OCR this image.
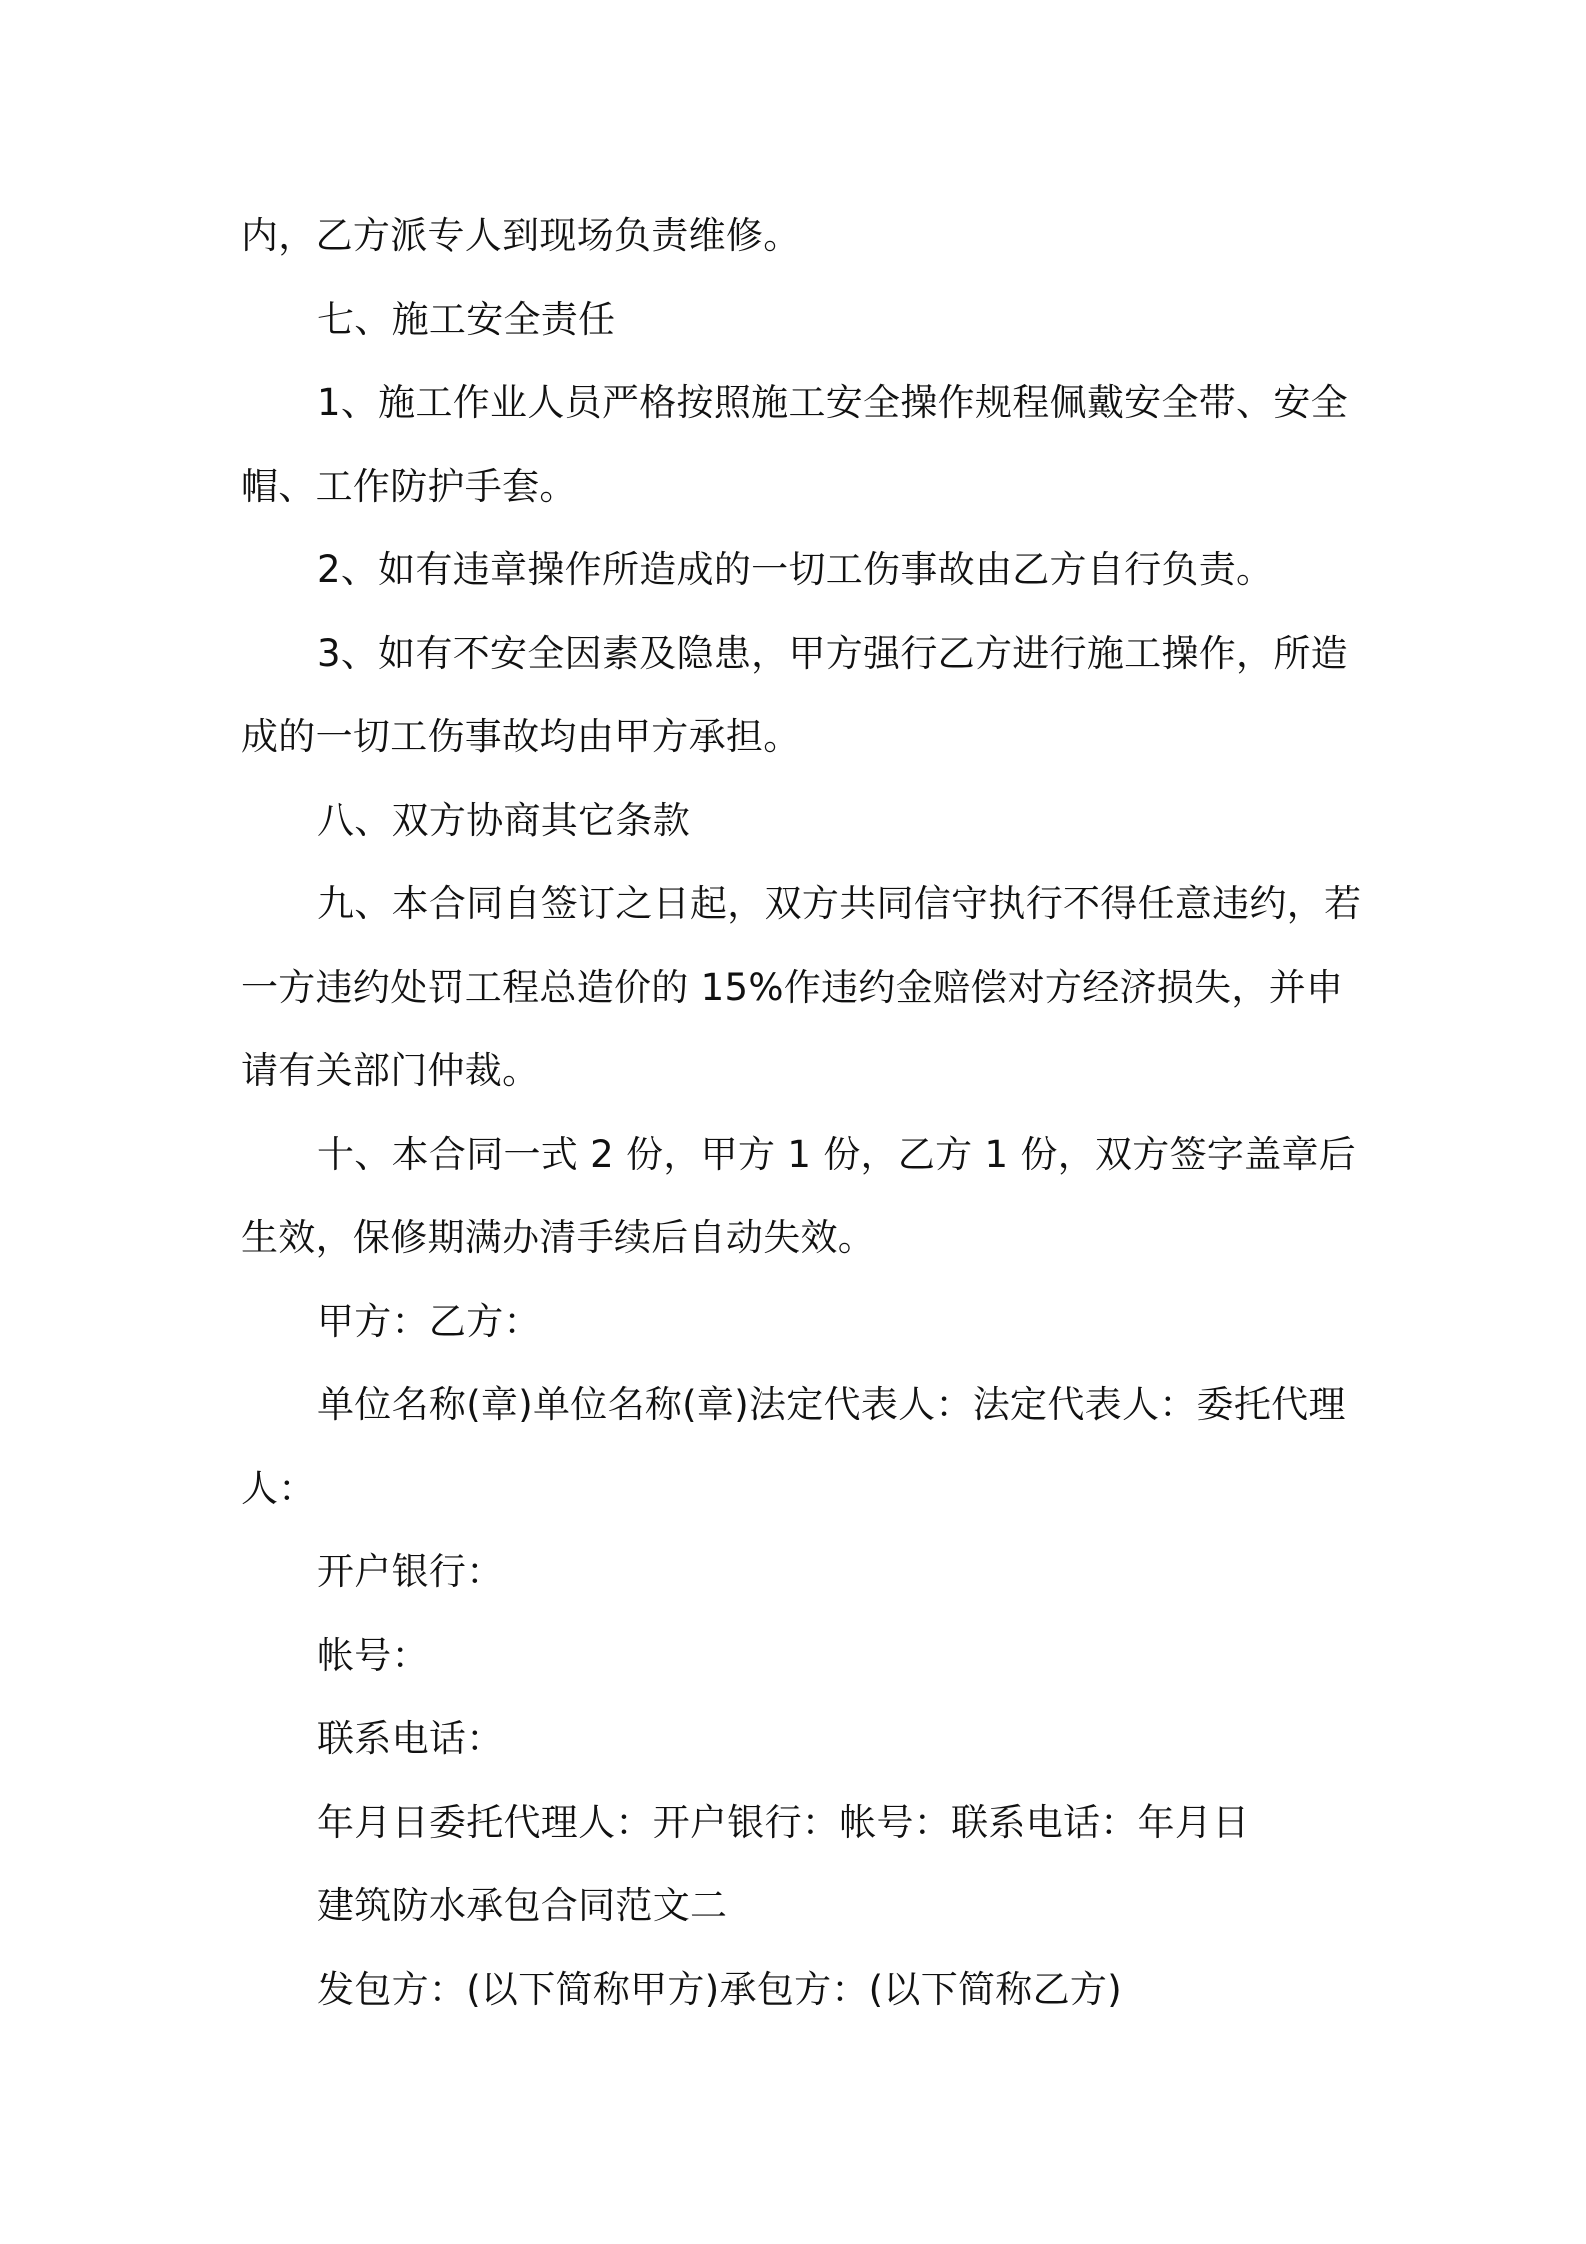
内，乙方派专人到现场负责维修。
七、施工安全责任
1、施工作业人员严格按照施工安全操作规程佩戴安全带、安全
帽、工作防护手套。
2、如有违章操作所造成的一切工伤事故由乙方自行负责。
3、如有不安全因素及隐患，甲方强行乙方进行施工操作，所造
成的一切工伤事故均由甲方承担。
八、双方协商其它条款
九、本合同自签订之日起，双方共同信守执行不得任意违约，若
一方违约处罚工程总造价的 15%作违约金赔偿对方经济损失，并申
请有关部门仲裁。
十、本合同一式 2 份，甲方 1 份，乙方 1 份，双方签字盖章后
生效，保修期满办清手续后自动失效。
甲方：乙方：
单位名称(章)单位名称(章)法定代表人：法定代表人：委托代理
人：
开户银行：
帐号：
联系电话：
年月日委托代理人：开户银行：帐号：联系电话：年月日
建筑防水承包合同范文二
发包方：(以下简称甲方)承包方：(以下简称乙方)
